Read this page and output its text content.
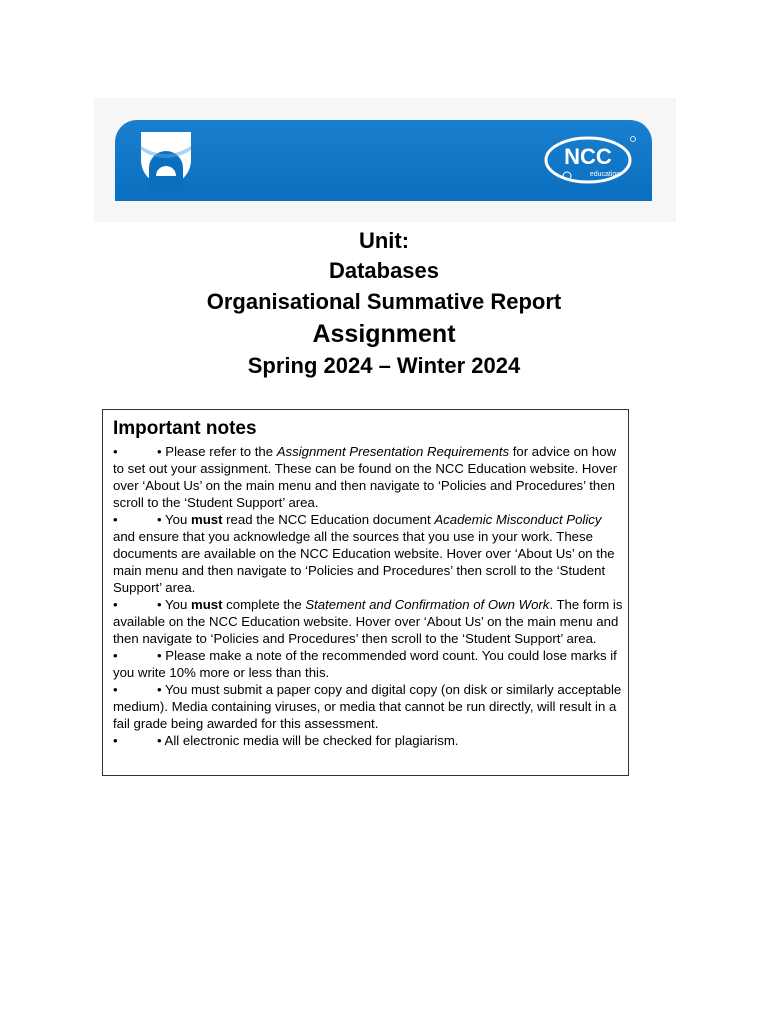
NCC
education
Unit:
Databases
Organisational Summative Report
Assignment
Spring 2024 – Winter 2024
Important notes

•	• Please refer to the Assignment Presentation Requirements for advice on how to set out your assignment. These can be found on the NCC Education website. Hover over ‘About Us’ on the main menu and then navigate to ‘Policies and Procedures’ then scroll to the ‘Student Support’ area.

•	• You must read the NCC Education document Academic Misconduct Policy and ensure that you acknowledge all the sources that you use in your work. These documents are available on the NCC Education website. Hover over ‘About Us’ on the main menu and then navigate to ‘Policies and Procedures’ then scroll to the ‘Student Support’ area.

•	• You must complete the Statement and Confirmation of Own Work. The form is available on the NCC Education website. Hover over ‘About Us’ on the main menu and then navigate to ‘Policies and Procedures’ then scroll to the ‘Student Support’ area.

•	• Please make a note of the recommended word count. You could lose marks if you write 10% more or less than this.

•	• You must submit a paper copy and digital copy (on disk or similarly acceptable medium). Media containing viruses, or media that cannot be run directly, will result in a fail grade being awarded for this assessment.

•	• All electronic media will be checked for plagiarism.
